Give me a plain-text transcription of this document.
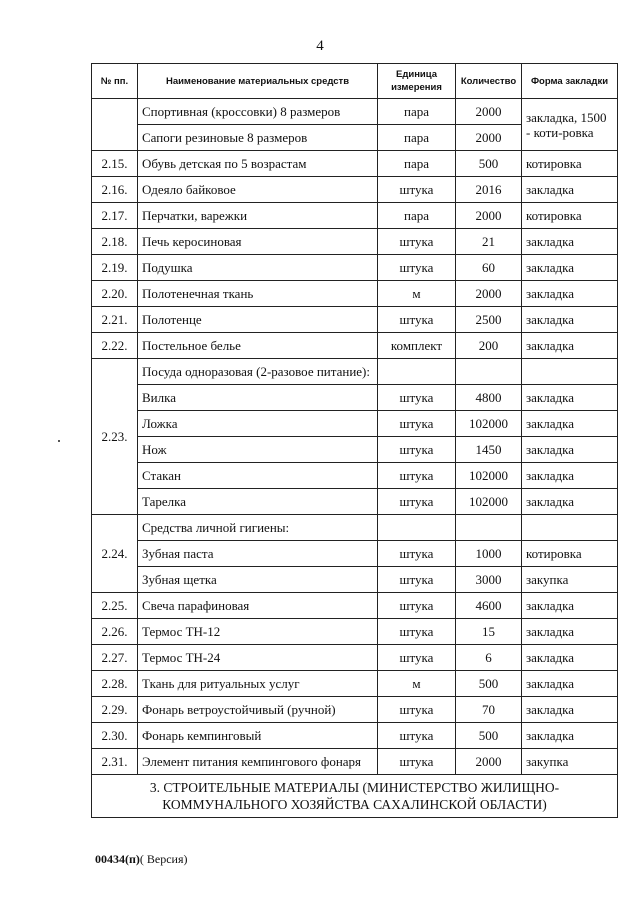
4
№ пп.	Наименование материальных средств	Единица измерения	Количество	Форма закладки
	Спортивная (кроссовки) 8 размеров	пара	2000	закладка, 1500 - коти-ровка
	Сапоги резиновые 8 размеров	пара	2000	
2.15.	Обувь детская по 5 возрастам	пара	500	котировка
2.16.	Одеяло байковое	штука	2016	закладка
2.17.	Перчатки, варежки	пара	2000	котировка
2.18.	Печь керосиновая	штука	21	закладка
2.19.	Подушка	штука	60	закладка
2.20.	Полотенечная ткань	м	2000	закладка
2.21.	Полотенце	штука	2500	закладка
2.22.	Постельное белье	комплект	200	закладка
2.23.	Посуда одноразовая (2-разовое питание):			
	Вилка	штука	4800	закладка
	Ложка	штука	102000	закладка
	Нож	штука	1450	закладка
	Стакан	штука	102000	закладка
	Тарелка	штука	102000	закладка
2.24.	Средства личной гигиены:			
	Зубная паста	штука	1000	котировка
	Зубная щетка	штука	3000	закупка
2.25.	Свеча парафиновая	штука	4600	закладка
2.26.	Термос ТН-12	штука	15	закладка
2.27.	Термос ТН-24	штука	6	закладка
2.28.	Ткань для ритуальных услуг	м	500	закладка
2.29.	Фонарь ветроустойчивый (ручной)	штука	70	закладка
2.30.	Фонарь кемпинговый	штука	500	закладка
2.31.	Элемент питания кемпингового фонаря	штука	2000	закупка

3. СТРОИТЕЛЬНЫЕ МАТЕРИАЛЫ (МИНИСТЕРСТВО ЖИЛИЩНО-
КОММУНАЛЬНОГО ХОЗЯЙСТВА САХАЛИНСКОЙ ОБЛАСТИ)				
00434(п)( Версия)
